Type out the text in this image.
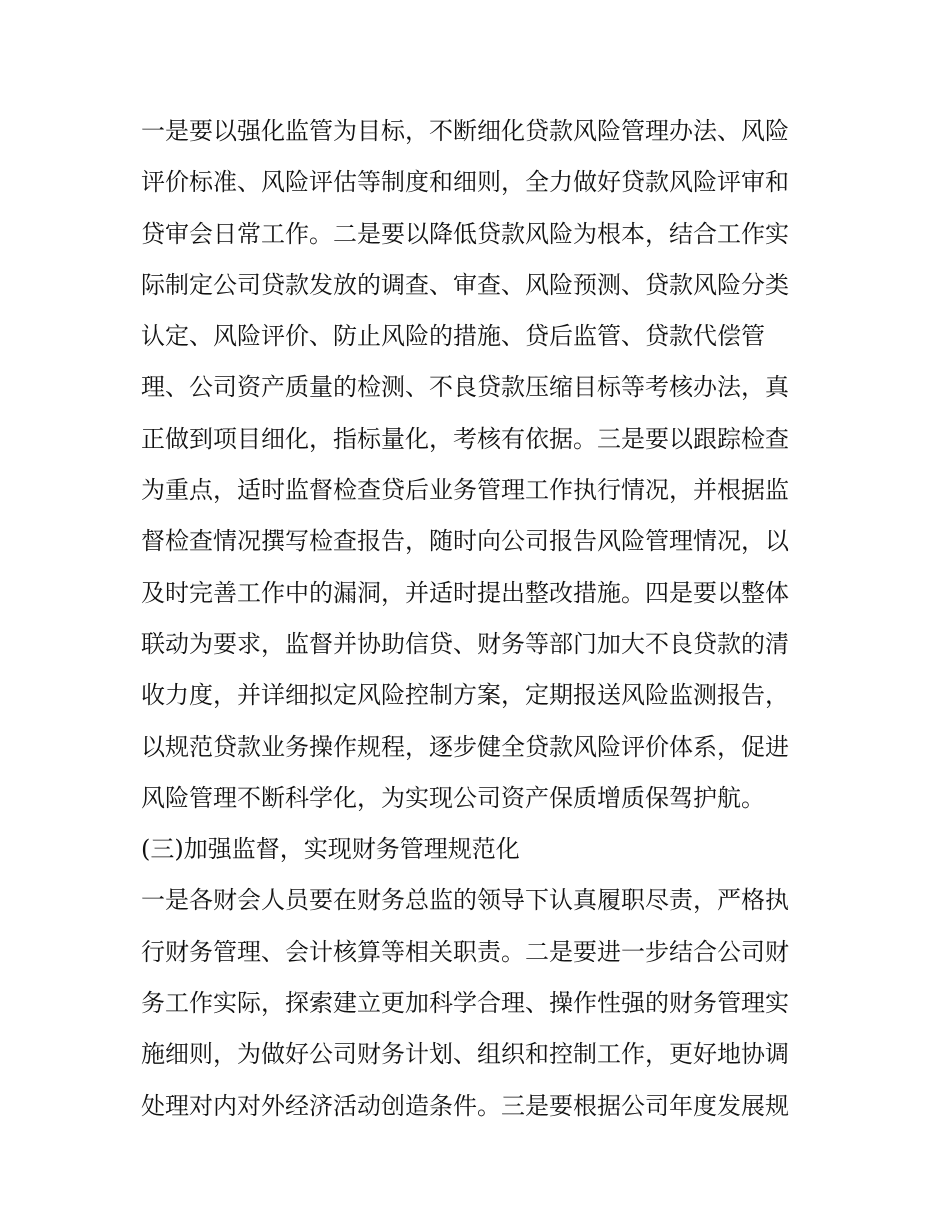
一是要以强化监管为目标，不断细化贷款风险管理办法、风险
评价标准、风险评估等制度和细则，全力做好贷款风险评审和
贷审会日常工作。二是要以降低贷款风险为根本，结合工作实
际制定公司贷款发放的调查、审查、风险预测、贷款风险分类
认定、风险评价、防止风险的措施、贷后监管、贷款代偿管
理、公司资产质量的检测、不良贷款压缩目标等考核办法，真
正做到项目细化，指标量化，考核有依据。三是要以跟踪检查
为重点，适时监督检查贷后业务管理工作执行情况，并根据监
督检查情况撰写检查报告，随时向公司报告风险管理情况，以
及时完善工作中的漏洞，并适时提出整改措施。四是要以整体
联动为要求，监督并协助信贷、财务等部门加大不良贷款的清
收力度，并详细拟定风险控制方案，定期报送风险监测报告，
以规范贷款业务操作规程，逐步健全贷款风险评价体系，促进
风险管理不断科学化，为实现公司资产保质增质保驾护航。
(三)加强监督，实现财务管理规范化
一是各财会人员要在财务总监的领导下认真履职尽责，严格执
行财务管理、会计核算等相关职责。二是要进一步结合公司财
务工作实际，探索建立更加科学合理、操作性强的财务管理实
施细则，为做好公司财务计划、组织和控制工作，更好地协调
处理对内对外经济活动创造条件。三是要根据公司年度发展规
